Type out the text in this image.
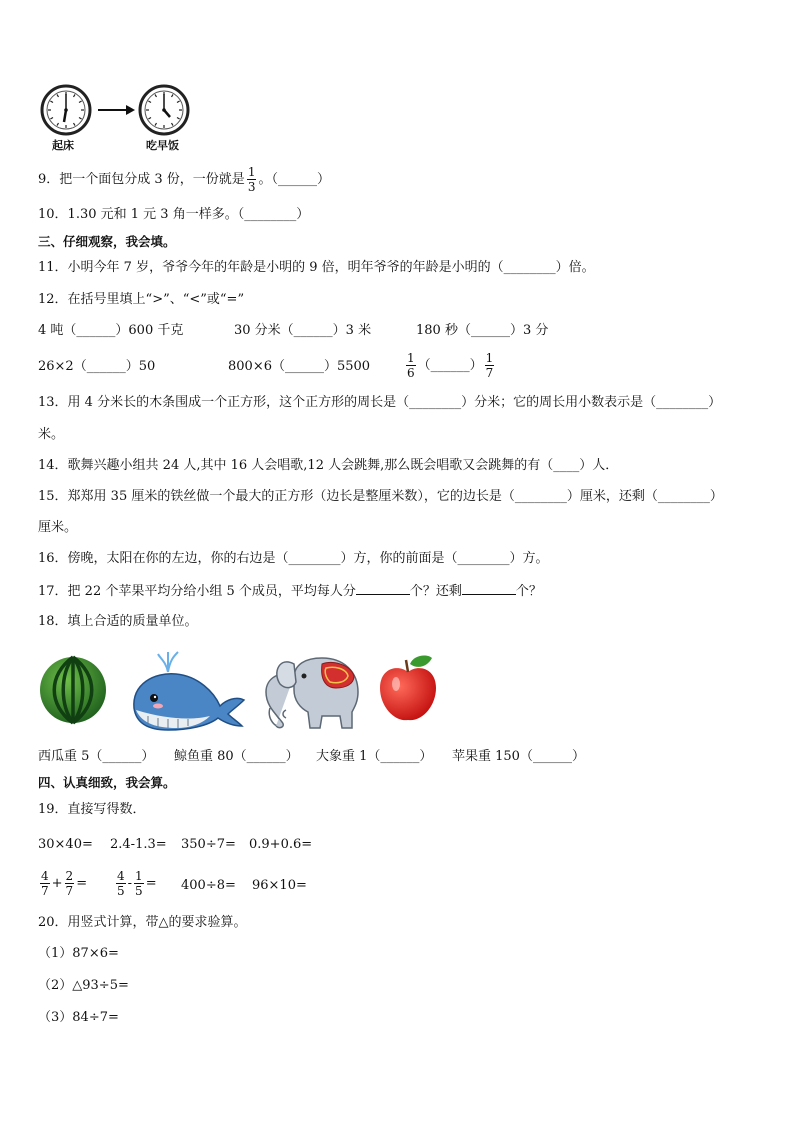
起床	吃早饭
9．把一个面包分成 3 份，一份就是 $\frac{1}{3}$ 。（______）
10．1.30 元和 1 元 3 角一样多。（________）
三、仔细观察，我会填。
11．小明今年 7 岁，爷爷今年的年龄是小明的 9 倍，明年爷爷的年龄是小明的（________）倍。
12．在括号里填上“>”、“<”或“=”
4 吨（______）600 千克	30 分米（______）3 米	180 秒（______）3 分
26×2（______）50	800×6（______）5500	$\frac{1}{6}$ （______） $\frac{1}{7}$
13．用 4 分米长的木条围成一个正方形，这个正方形的周长是（________）分米；它的周长用小数表示是（________）
米。
14．歌舞兴趣小组共 24 人,其中 16 人会唱歌,12 人会跳舞,那么既会唱歌又会跳舞的有（____）人．
15．郑郑用 35 厘米的铁丝做一个最大的正方形（边长是整厘米数），它的边长是（________）厘米，还剩（________）
厘米。
16．傍晚，太阳在你的左边，你的右边是（________）方，你的前面是（________）方。
17．把 22 个苹果平均分给小组 5 个成员，平均每人分	个？还剩	个？
18．填上合适的质量单位。
西瓜重 5（______） 鲸鱼重 80（______） 大象重 1（______） 苹果重 150（______）
四、认真细致，我会算。
19．直接写得数．
30×40= 2.4-1.3= 350÷7= 0.9+0.6=
$\frac{4}{7} + \frac{2}{7} = \frac{4}{5} - \frac{1}{5} = 400\div 8= 96\times 10=$
20．用竖式计算，带△的要求验算。
（1）87×6=
（2）△93÷5=
（3）84÷7=
